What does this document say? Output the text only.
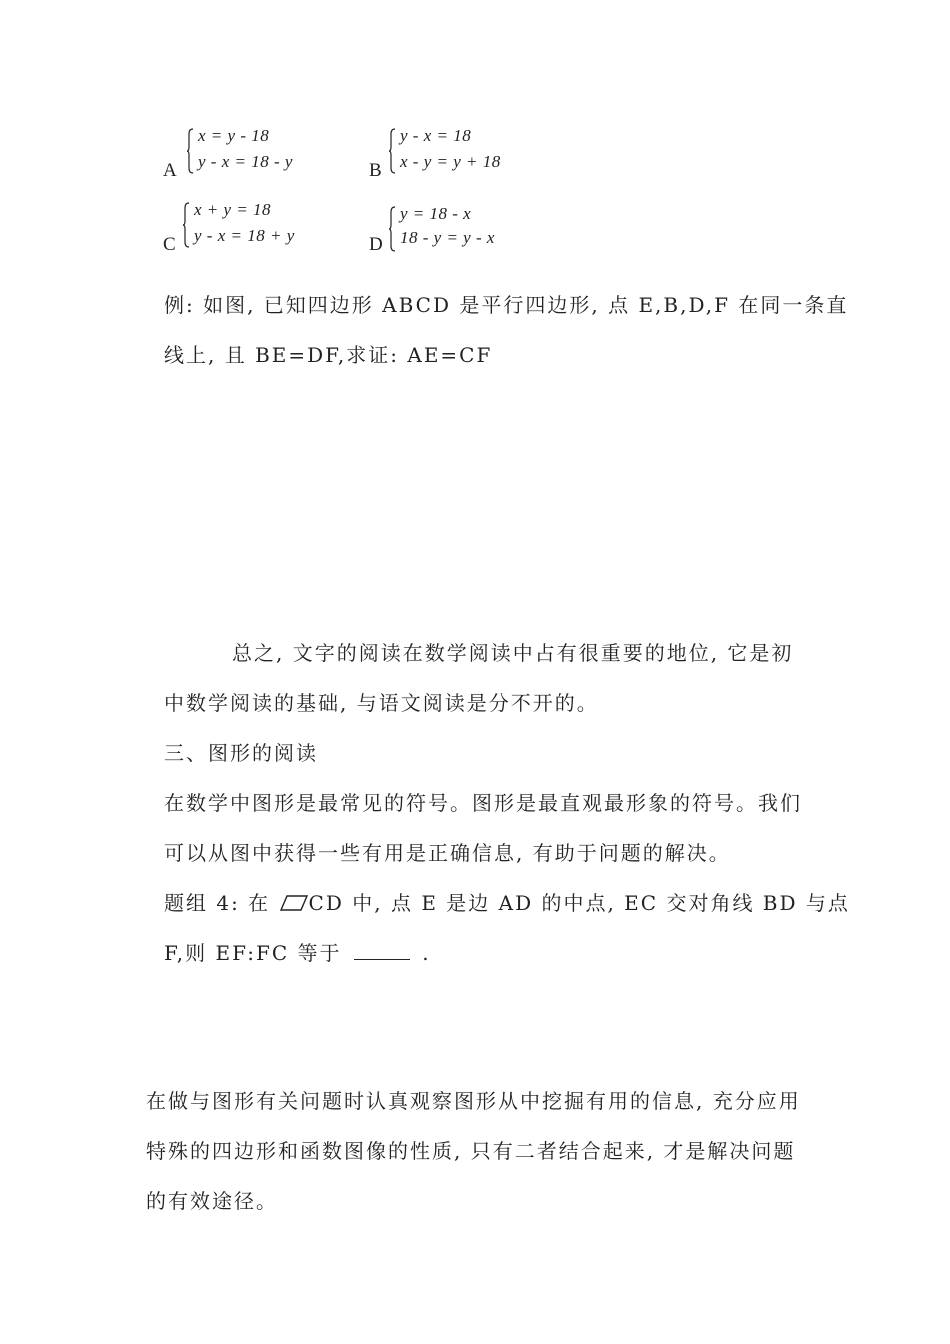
A
x = y - 18
y - x = 18 - y	B
y - x = 18
x - y = y + 18
C
x + y = 18
y - x = 18 + y	D
y = 18 - x
18 - y = y - x
例: 如图, 已知四边形 ABCD 是平行四边形, 点 E,B,D,F 在同一条直
线上, 且 BE=DF,求证: AE=CF
总之, 文字的阅读在数学阅读中占有很重要的地位, 它是初
中数学阅读的基础, 与语文阅读是分不开的。
三、图形的阅读
在数学中图形是最常见的符号。图形是最直观最形象的符号。我们
可以从图中获得一些有用是正确信息, 有助于问题的解决。
题组 4: 在 CD 中, 点 E 是边 AD 的中点, EC 交对角线 BD 与点
F,则 EF:FC 等于	.
在做与图形有关问题时认真观察图形从中挖掘有用的信息, 充分应用
特殊的四边形和函数图像的性质, 只有二者结合起来, 才是解决问题
的有效途径。
